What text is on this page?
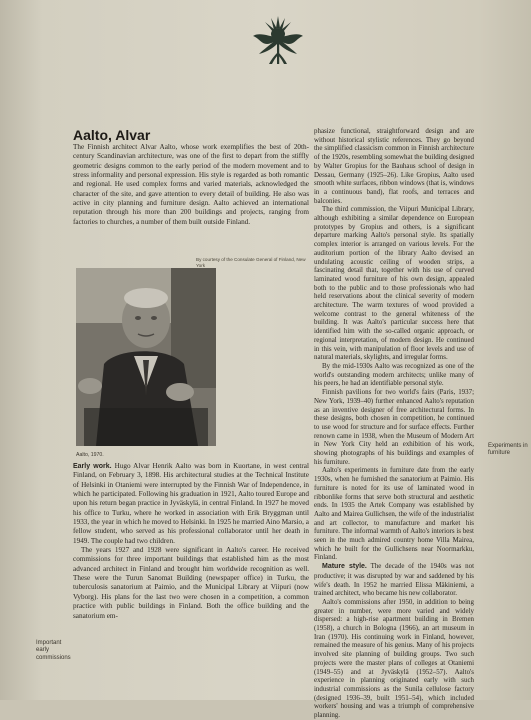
Aalto, Alvar

The Finnish architect Alvar Aalto, whose work exemplifies the best of 20th-century Scandinavian architecture, was one of the first to depart from the stiffly geometric designs common to the early period of the modern movement and to stress informality and personal expression. His style is regarded as both romantic and regional. He used complex forms and varied materials, acknowledged the character of the site, and gave attention to every detail of building. He also was active in city planning and furniture design. Aalto achieved an international reputation through his more than 200 buildings and projects, ranging from factories to churches, a number of them built outside Finland.

By courtesy of the Consulate General of Finland, New York
Aalto, 1970.

Early work. Hugo Alvar Henrik Aalto was born in Kuortane, in west central Finland, on February 3, 1898. His architectural studies at the Technical Institute of Helsinki in Otaniemi were interrupted by the Finnish War of Independence, in which he participated. Following his graduation in 1921, Aalto toured Europe and upon his return began practice in Jyväskylä, in central Finland. In 1927 he moved his office to Turku, where he worked in association with Erik Bryggman until 1933, the year in which he moved to Helsinki. In 1925 he married Aino Marsio, a fellow student, who served as his professional collaborator until her death in 1949. The couple had two children.

The years 1927 and 1928 were significant in Aalto's career. He received commissions for three important buildings that established him as the most advanced architect in Finland and brought him worldwide recognition as well. These were the Turun Sanomat Building (newspaper office) in Turku, the tuberculosis sanatorium at Paimio, and the Municipal Library at Viipuri (now Vyborg). His plans for the last two were chosen in a competition, a common practice with public buildings in Finland. Both the office building and the sanatorium em-

phasize functional, straightforward design and are without historical stylistic references. They go beyond the simplified classicism common in Finnish architecture of the 1920s, resembling somewhat the building designed by Walter Gropius for the Bauhaus school of design in Dessau, Germany (1925–26). Like Gropius, Aalto used smooth white surfaces, ribbon windows (that is, windows in a continuous band), flat roofs, and terraces and balconies.

The third commission, the Viipuri Municipal Library, although exhibiting a similar dependence on European prototypes by Gropius and others, is a significant departure marking Aalto's personal style. Its spatially complex interior is arranged on various levels. For the auditorium portion of the library Aalto devised an undulating acoustic ceiling of wooden strips, a fascinating detail that, together with his use of curved laminated wood furniture of his own design, appealed both to the public and to those professionals who had held reservations about the clinical severity of modern architecture. The warm textures of wood provided a welcome contrast to the general whiteness of the building. It was Aalto's particular success here that identified him with the so-called organic approach, or regional interpretation, of modern design. He continued in this vein, with manipulation of floor levels and use of natural materials, skylights, and irregular forms.

By the mid-1930s Aalto was recognized as one of the world's outstanding modern architects; unlike many of his peers, he had an identifiable personal style.

Finnish pavilions for two world's fairs (Paris, 1937; New York, 1939–40) further enhanced Aalto's reputation as an inventive designer of free architectural forms. In these designs, both chosen in competition, he continued to use wood for structure and for surface effects. Further renown came in 1938, when the Museum of Modern Art in New York City held an exhibition of his work, showing photographs of his buildings and examples of his furniture.

Aalto's experiments in furniture date from the early 1930s, when he furnished the sanatorium at Paimio. His furniture is noted for its use of laminated wood in ribbonlike forms that serve both structural and aesthetic ends. In 1935 the Artek Company was established by Aalto and Mairea Gullichsen, the wife of the industrialist and art collector, to manufacture and market his furniture. The informal warmth of Aalto's interiors is best seen in the much admired country home Villa Mairea, which he built for the Gullichsens near Noormarkku, Finland.

Mature style. The decade of the 1940s was not productive; it was disrupted by war and saddened by his wife's death. In 1952 he married Elissa Mäkiniemi, a trained architect, who became his new collaborator.

Aalto's commissions after 1950, in addition to being greater in number, were more varied and widely dispersed: a high-rise apartment building in Bremen (1958), a church in Bologna (1966), an art museum in Iran (1970). His continuing work in Finland, however, remained the measure of his genius. Many of his projects involved site planning of building groups. Two such projects were the master plans of colleges at Otaniemi (1949–55) and at Jyväskylä (1952–57). Aalto's experience in planning originated early with such industrial commissions as the Sunila cellulose factory (designed 1936–39, built 1951–54), which included workers' housing and was a triumph of comprehensive planning.

Experiments in furniture
Important early commissions
